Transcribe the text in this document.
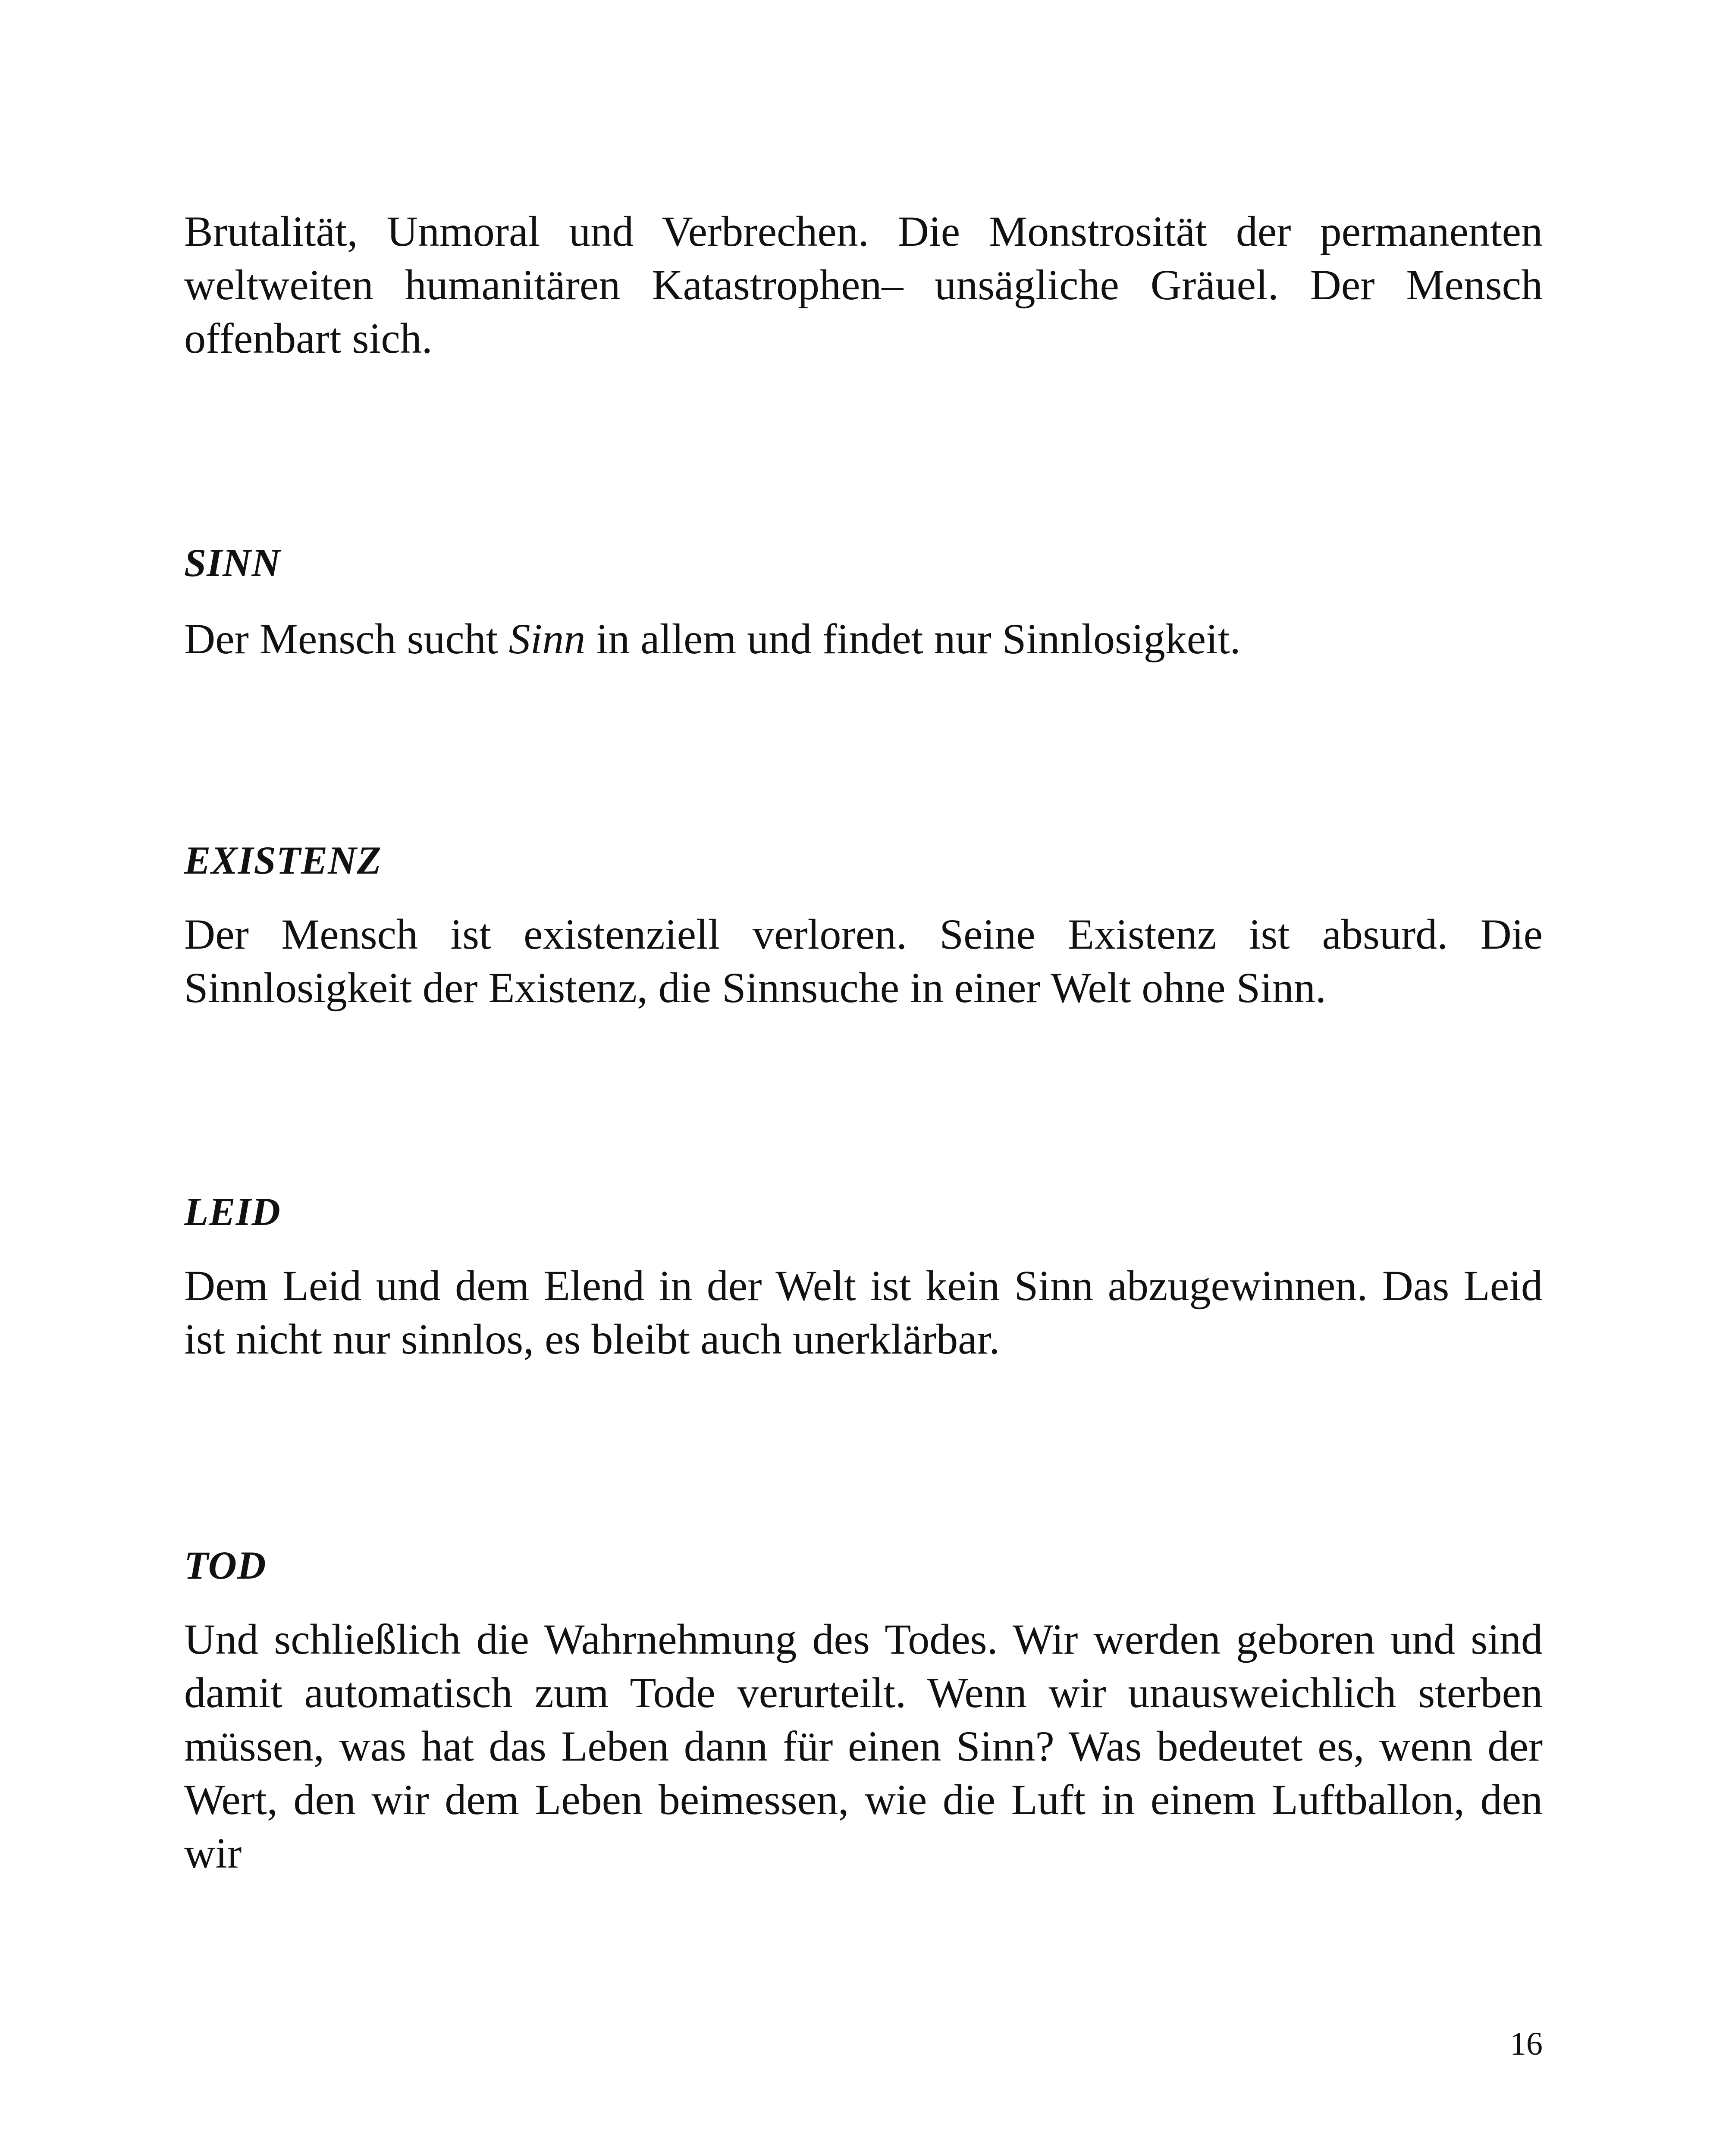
Brutalität, Unmoral und Verbrechen. Die Monstrosität der permanenten weltweiten humanitären Katastrophen– unsägliche Gräuel. Der Mensch offenbart sich.

SINN

Der Mensch sucht Sinn in allem und findet nur Sinnlosigkeit.

EXISTENZ

Der Mensch ist existenziell verloren. Seine Existenz ist absurd. Die Sinnlosigkeit der Existenz, die Sinnsuche in einer Welt ohne Sinn.

LEID

Dem Leid und dem Elend in der Welt ist kein Sinn abzugewinnen. Das Leid ist nicht nur sinnlos, es bleibt auch unerklärbar.

TOD

Und schließlich die Wahrnehmung des Todes. Wir werden geboren und sind damit automatisch zum Tode verurteilt. Wenn wir unausweichlich sterben müssen, was hat das Leben dann für einen Sinn? Was bedeutet es, wenn der Wert, den wir dem Leben beimessen, wie die Luft in einem Luftballon, den wir

16
